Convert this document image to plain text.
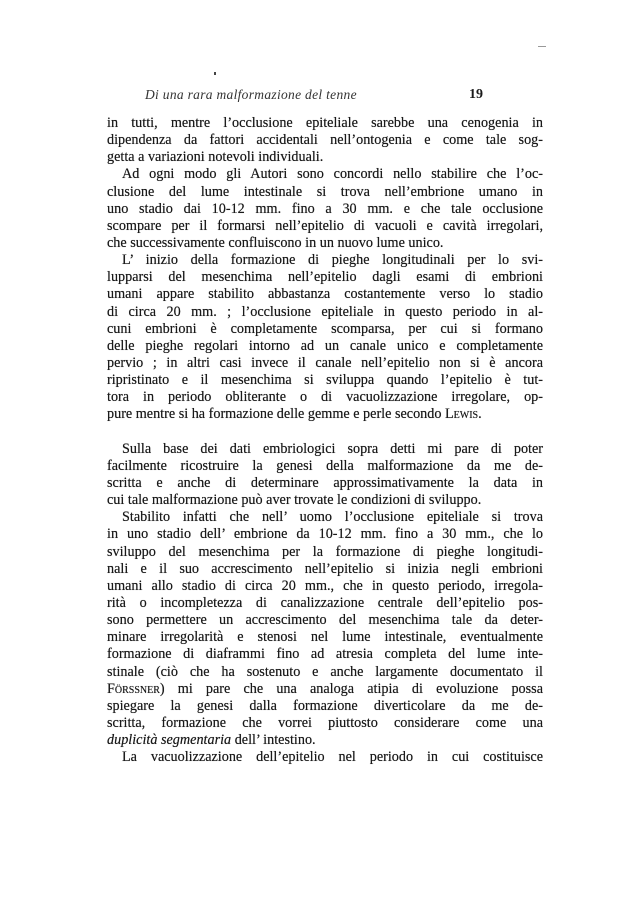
Di una rara malformazione del tenne	19
in tutti, mentre l’occlusione epiteliale sarebbe una cenogenia in
dipendenza da fattori accidentali nell’ontogenia e come tale sog-
getta a variazioni notevoli individuali.
Ad ogni modo gli Autori sono concordi nello stabilire che l’oc-
clusione del lume intestinale si trova nell’embrione umano in
uno stadio dai 10-12 mm. fino a 30 mm. e che tale occlusione
scompare per il formarsi nell’epitelio di vacuoli e cavità irregolari,
che successivamente confluiscono in un nuovo lume unico.
L’ inizio della formazione di pieghe longitudinali per lo svi-
lupparsi del mesenchima nell’epitelio dagli esami di embrioni
umani appare stabilito abbastanza costantemente verso lo stadio
di circa 20 mm. ; l’occlusione epiteliale in questo periodo in al-
cuni embrioni è completamente scomparsa, per cui si formano
delle pieghe regolari intorno ad un canale unico e completamente
pervio ; in altri casi invece il canale nell’epitelio non si è ancora
ripristinato e il mesenchima si sviluppa quando l’epitelio è tut-
tora in periodo obliterante o di vacuolizzazione irregolare, op-
pure mentre si ha formazione delle gemme e perle secondo Lewis.
Sulla base dei dati embriologici sopra detti mi pare di poter
facilmente ricostruire la genesi della malformazione da me de-
scritta e anche di determinare approssimativamente la data in
cui tale malformazione può aver trovate le condizioni di sviluppo.
Stabilito infatti che nell’ uomo l’occlusione epiteliale si trova
in uno stadio dell’ embrione da 10-12 mm. fino a 30 mm., che lo
sviluppo del mesenchima per la formazione di pieghe longitudi-
nali e il suo accrescimento nell’epitelio si inizia negli embrioni
umani allo stadio di circa 20 mm., che in questo periodo, irregola-
rità o incompletezza di canalizzazione centrale dell’epitelio pos-
sono permettere un accrescimento del mesenchima tale da deter-
minare irregolarità e stenosi nel lume intestinale, eventualmente
formazione di diaframmi fino ad atresia completa del lume inte-
stinale (ciò che ha sostenuto e anche largamente documentato il
Förssner) mi pare che una analoga atipia di evoluzione possa
spiegare la genesi dalla formazione diverticolare da me de-
scritta, formazione che vorrei piuttosto considerare come una
duplicità segmentaria dell’ intestino.
La vacuolizzazione dell’epitelio nel periodo in cui costituisce
